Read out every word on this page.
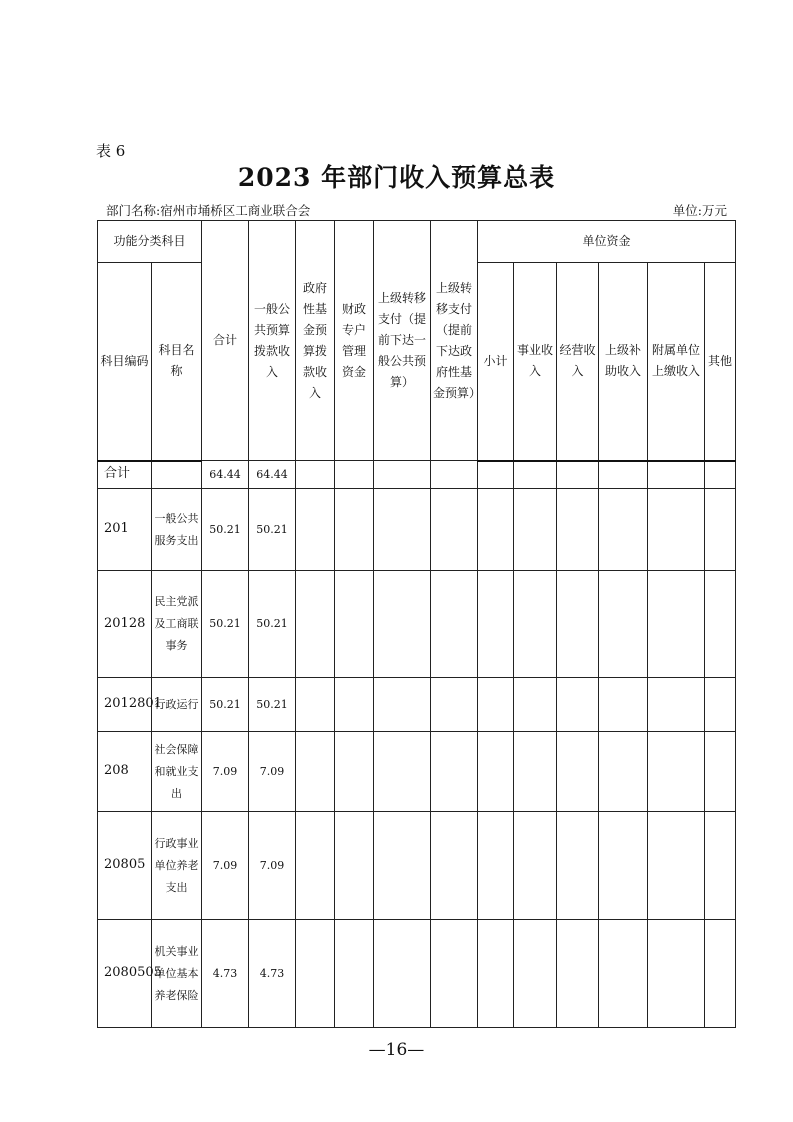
表 6
2023 年部门收入预算总表
部门名称:宿州市埇桥区工商业联合会	单位:万元
功能分类科目		合计	一般公共预算拨款收入	政府性基金预算拨款收入	财政专户管理资金	上级转移支付（提前下达一般公共预算）	上级转移支付（提前下达政府性基金预算）	单位资金					
科目编码	科目名称							小计	事业收入	经营收入	上级补助收入	附属单位上缴收入	其他
合计		64.44	64.44										
201	一般公共服务支出	50.21	50.21										
20128	民主党派及工商联事务	50.21	50.21										
2012801	行政运行	50.21	50.21										
208	社会保障和就业支出	7.09	7.09										
20805	行政事业单位养老支出	7.09	7.09										
2080505	机关事业单位基本养老保险	4.73	4.73										
—16—
